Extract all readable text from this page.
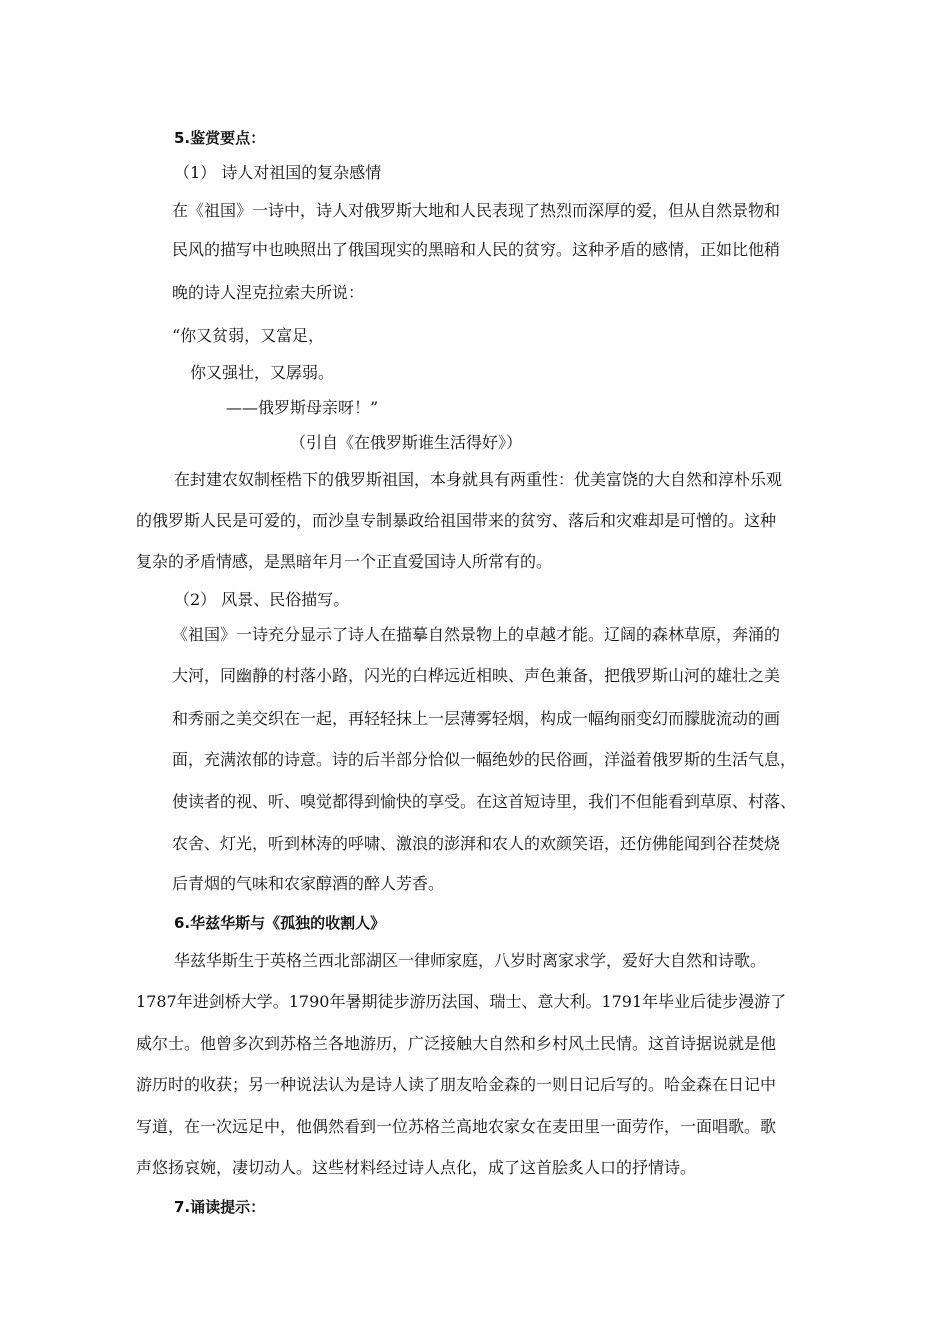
5.鉴赏要点：
（1） 诗人对祖国的复杂感情
在《祖国》一诗中，诗人对俄罗斯大地和人民表现了热烈而深厚的爱，但从自然景物和
民风的描写中也映照出了俄国现实的黑暗和人民的贫穷。这种矛盾的感情，正如比他稍
晚的诗人涅克拉索夫所说：
“你又贫弱，又富足，
你又强壮，又孱弱。
——俄罗斯母亲呀！”
（引自《在俄罗斯谁生活得好》）
在封建农奴制桎梏下的俄罗斯祖国，本身就具有两重性：优美富饶的大自然和淳朴乐观
的俄罗斯人民是可爱的，而沙皇专制暴政给祖国带来的贫穷、落后和灾难却是可憎的。这种
复杂的矛盾情感，是黑暗年月一个正直爱国诗人所常有的。
（2） 风景、民俗描写。
《祖国》一诗充分显示了诗人在描摹自然景物上的卓越才能。辽阔的森林草原，奔涌的
大河，同幽静的村落小路，闪光的白桦远近相映、声色兼备，把俄罗斯山河的雄壮之美
和秀丽之美交织在一起，再轻轻抹上一层薄雾轻烟，构成一幅绚丽变幻而朦胧流动的画
面，充满浓郁的诗意。诗的后半部分恰似一幅绝妙的民俗画，洋溢着俄罗斯的生活气息，
使读者的视、听、嗅觉都得到愉快的享受。在这首短诗里，我们不但能看到草原、村落、
农舍、灯光，听到林涛的呼啸、激浪的澎湃和农人的欢颜笑语，还仿佛能闻到谷茬焚烧
后青烟的气味和农家醇酒的醉人芳香。
6.华兹华斯与《孤独的收割人》
华兹华斯生于英格兰西北部湖区一律师家庭，八岁时离家求学，爱好大自然和诗歌。
1787年进剑桥大学。1790年暑期徒步游历法国、瑞士、意大利。1791年毕业后徒步漫游了
威尔士。他曾多次到苏格兰各地游历，广泛接触大自然和乡村风土民情。这首诗据说就是他
游历时的收获；另一种说法认为是诗人读了朋友哈金森的一则日记后写的。哈金森在日记中
写道，在一次远足中，他偶然看到一位苏格兰高地农家女在麦田里一面劳作，一面唱歌。歌
声悠扬哀婉，凄切动人。这些材料经过诗人点化，成了这首脍炙人口的抒情诗。
7.诵读提示：
